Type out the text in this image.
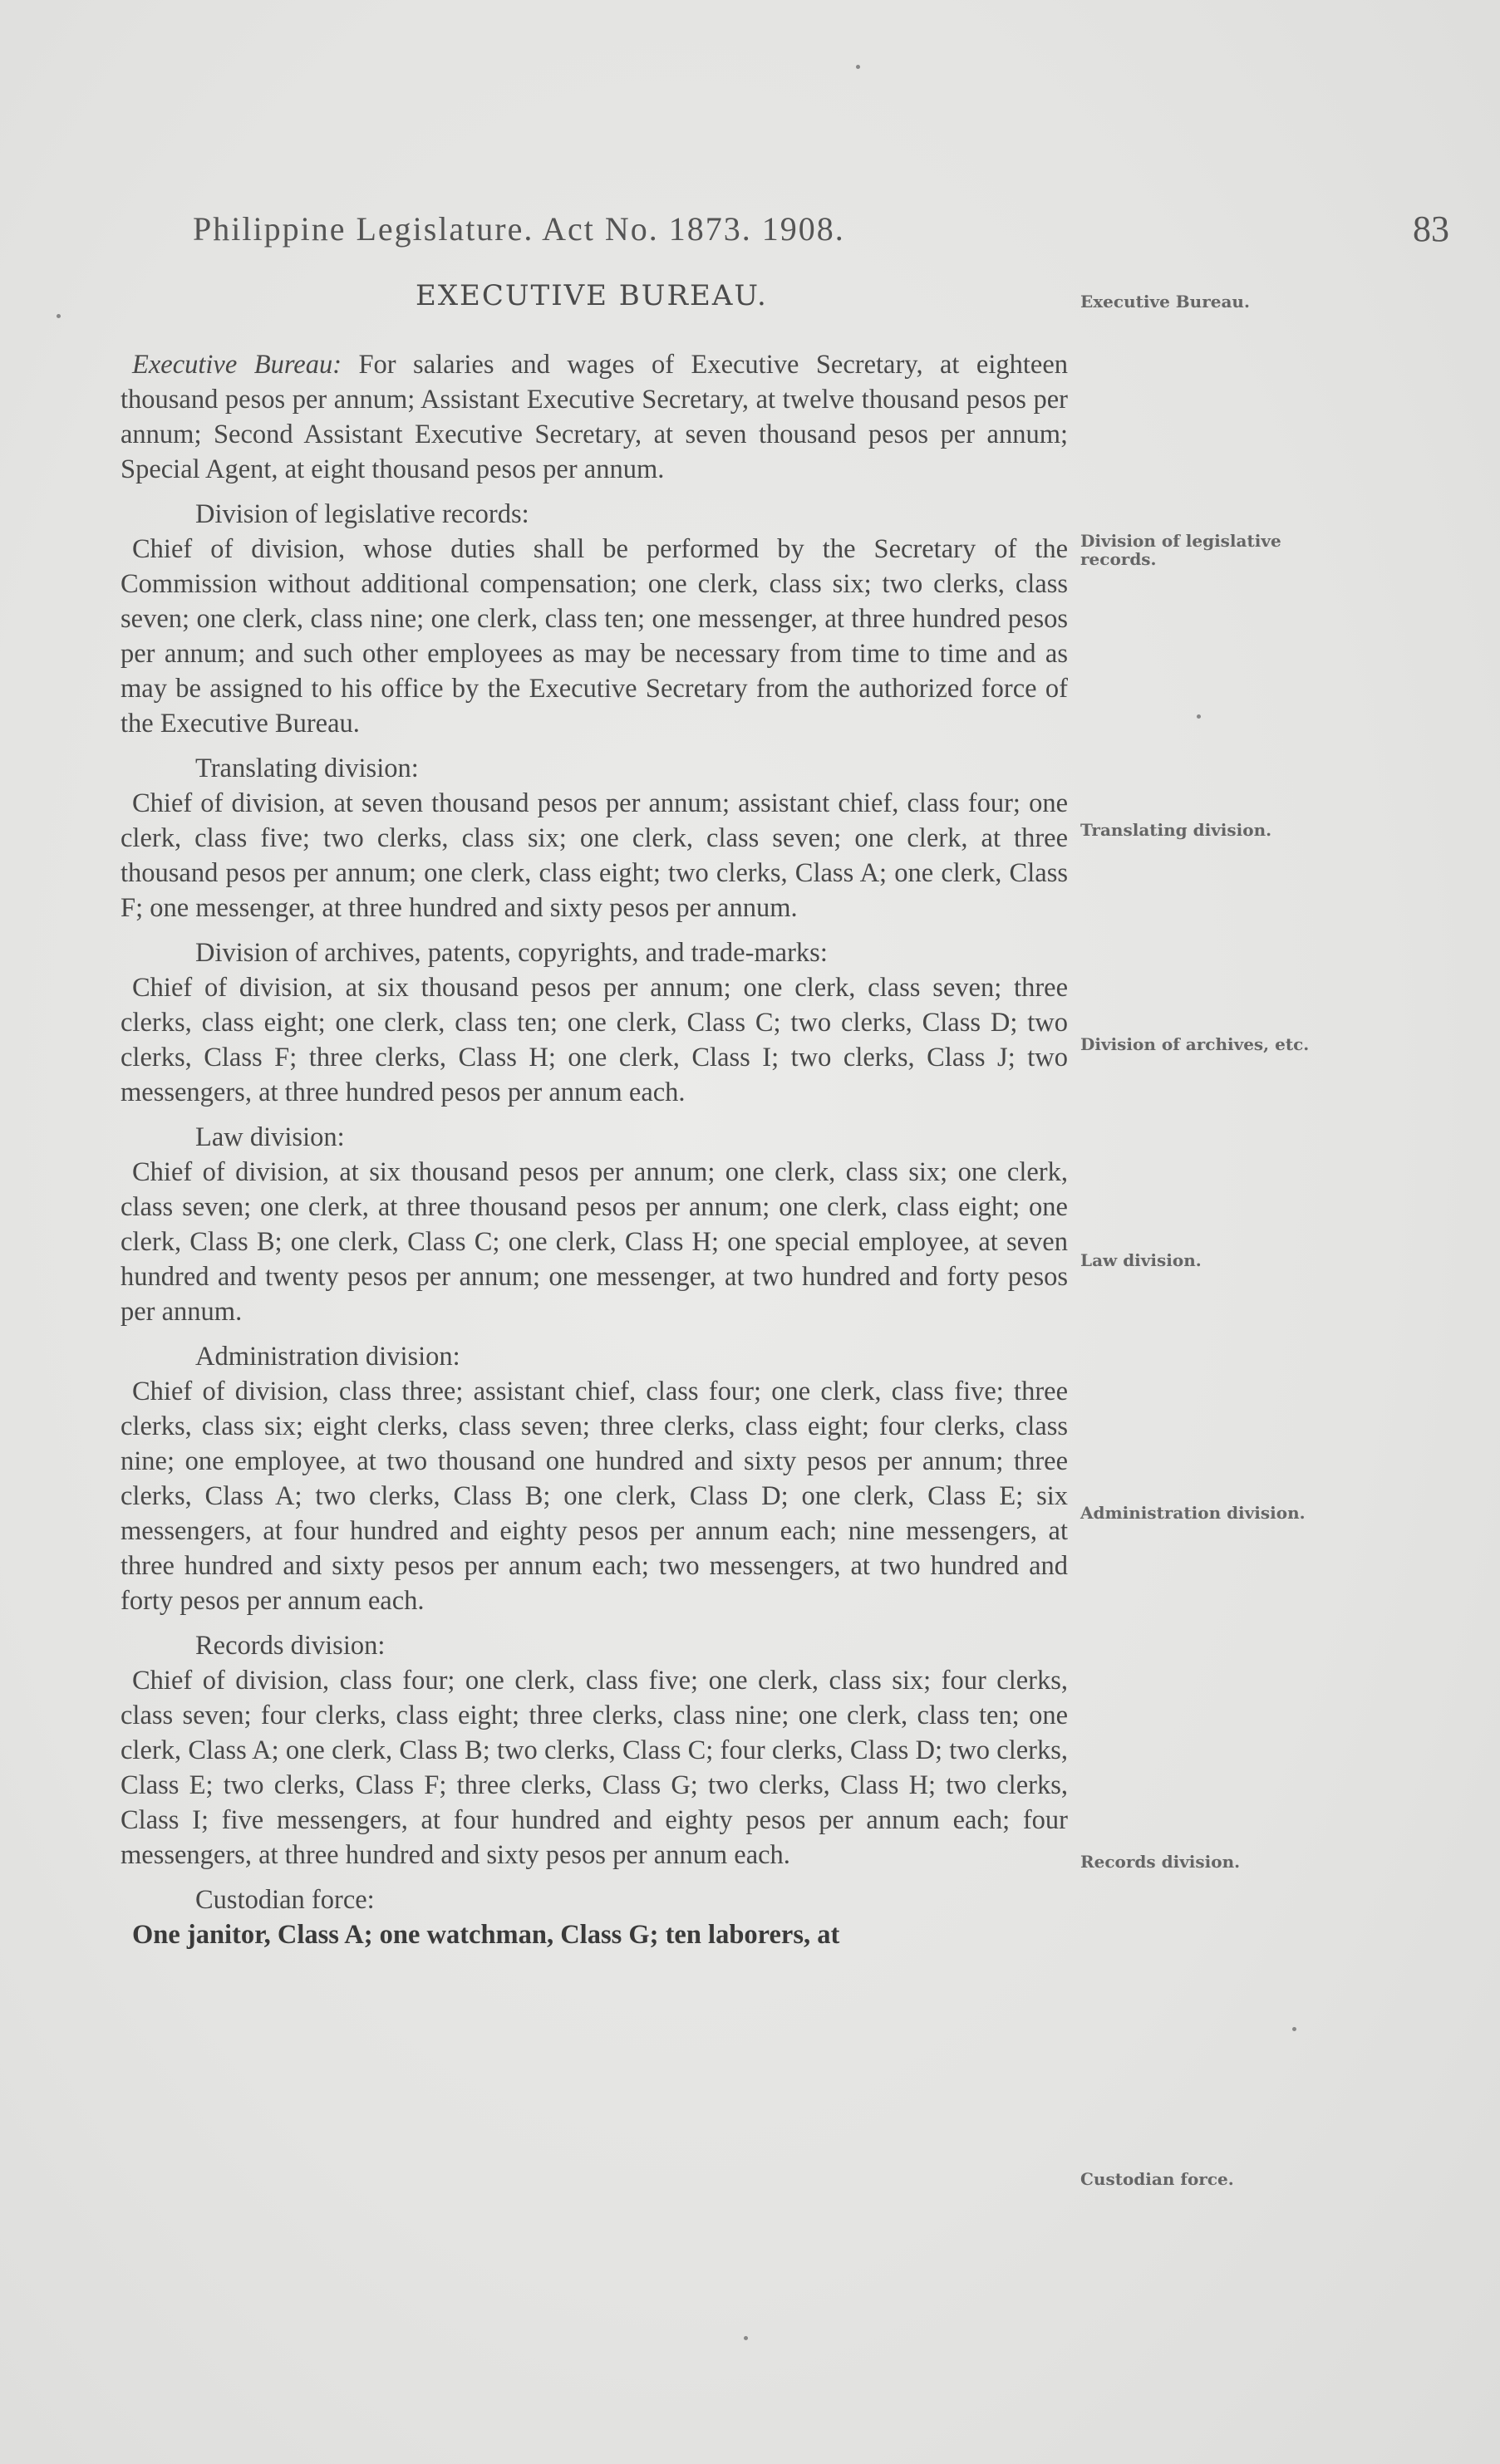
Philippine Legislature. Act No. 1873. 1908.	83
EXECUTIVE BUREAU.	Executive Bureau.
Division of legislative records.
Translating division.
Division of archives, etc.
Law division.
Administration division.
Records division.
Custodian force.

Executive Bureau: For salaries and wages of Executive Secretary, at eighteen thousand pesos per annum; Assistant Executive Secretary, at twelve thousand pesos per annum; Second Assistant Executive Secretary, at seven thousand pesos per annum; Special Agent, at eight thousand pesos per annum.

Division of legislative records:

Chief of division, whose duties shall be performed by the Secretary of the Commission without additional compensation; one clerk, class six; two clerks, class seven; one clerk, class nine; one clerk, class ten; one messenger, at three hundred pesos per annum; and such other employees as may be necessary from time to time and as may be assigned to his office by the Executive Secretary from the authorized force of the Executive Bureau.

Translating division:

Chief of division, at seven thousand pesos per annum; assistant chief, class four; one clerk, class five; two clerks, class six; one clerk, class seven; one clerk, at three thousand pesos per annum; one clerk, class eight; two clerks, Class A; one clerk, Class F; one messenger, at three hundred and sixty pesos per annum.

Division of archives, patents, copyrights, and trade-marks:

Chief of division, at six thousand pesos per annum; one clerk, class seven; three clerks, class eight; one clerk, class ten; one clerk, Class C; two clerks, Class D; two clerks, Class F; three clerks, Class H; one clerk, Class I; two clerks, Class J; two messengers, at three hundred pesos per annum each.

Law division:

Chief of division, at six thousand pesos per annum; one clerk, class six; one clerk, class seven; one clerk, at three thousand pesos per annum; one clerk, class eight; one clerk, Class B; one clerk, Class C; one clerk, Class H; one special employee, at seven hundred and twenty pesos per annum; one messenger, at two hundred and forty pesos per annum.

Administration division:

Chief of division, class three; assistant chief, class four; one clerk, class five; three clerks, class six; eight clerks, class seven; three clerks, class eight; four clerks, class nine; one employee, at two thousand one hundred and sixty pesos per annum; three clerks, Class A; two clerks, Class B; one clerk, Class D; one clerk, Class E; six messengers, at four hundred and eighty pesos per annum each; nine messengers, at three hundred and sixty pesos per annum each; two messengers, at two hundred and forty pesos per annum each.

Records division:

Chief of division, class four; one clerk, class five; one clerk, class six; four clerks, class seven; four clerks, class eight; three clerks, class nine; one clerk, class ten; one clerk, Class A; one clerk, Class B; two clerks, Class C; four clerks, Class D; two clerks, Class E; two clerks, Class F; three clerks, Class G; two clerks, Class H; two clerks, Class I; five messengers, at four hundred and eighty pesos per annum each; four messengers, at three hundred and sixty pesos per annum each.

Custodian force:

One janitor, Class A; one watchman, Class G; ten laborers, at
